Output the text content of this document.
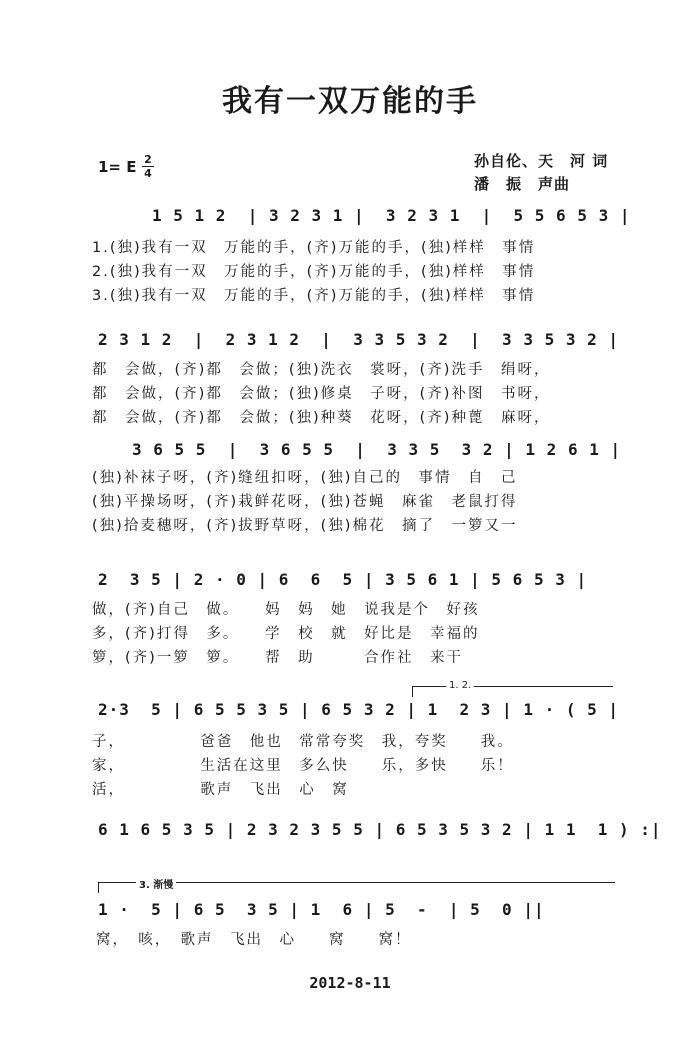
我有一双万能的手
孙自伦、天　河 词
潘　振　声曲
1= E 2
4
1 5 1 2  | 3 2 3 1 |  3 2 3 1  |  5 5 6 5 3 |
1.(独)我有一双　万能的手，(齐)万能的手，(独)样样　事情
2.(独)我有一双　万能的手，(齐)万能的手，(独)样样　事情
3.(独)我有一双　万能的手，(齐)万能的手，(独)样样　事情
2 3 1 2  |  2 3 1 2  |  3 3 5 3 2  |  3 3 5 3 2 |
都　会做，(齐)都　会做；(独)洗衣　裳呀，(齐)洗手　绢呀，
都　会做，(齐)都　会做；(独)修桌　子呀，(齐)补图　书呀，
都　会做，(齐)都　会做；(独)种葵　花呀，(齐)种蓖　麻呀，
3 6 5 5  |  3 6 5 5  |  3 3 5  3 2 | 1 2 6 1 |
(独)补袜子呀，(齐)缝纽扣呀，(独)自己的　事情　自　己
(独)平操场呀，(齐)栽鲜花呀，(独)苍蝇　麻雀　老鼠打得
(独)拾麦穗呀，(齐)拔野草呀，(独)棉花　摘了　一箩又一
2  3 5 | 2 · 0 | 6  6  5 | 3 5 6 1 | 5 6 5 3 |
做，(齐)自己　做。　　妈　妈　她　说我是个　好孩
多，(齐)打得　多。　　学　校　就　好比是　幸福的
箩，(齐)一箩　箩。　　帮　助　　　合作社　来干
1. 2.
2·3  5 | 6 5 5 3 5 | 6 5 3 2 | 1  2 3 | 1 · ( 5 |
子，　　　　　爸爸　他也　常常夸奖　我，夸奖　　我。
家，　　　　　生活在这里　多么快　　乐，多快　　乐！
活，　　　　　歌声　飞出　心　窝
6 1 6 5 3 5 | 2 3 2 3 5 5 | 6 5 3 5 3 2 | 1 1  1 ) :|
3. 渐慢
1 ·  5 | 6 5  3 5 | 1  6 | 5  -  | 5  0 ||
窝，　咳，　歌声　飞出　心　　窝　　窝！
2012-8-11
